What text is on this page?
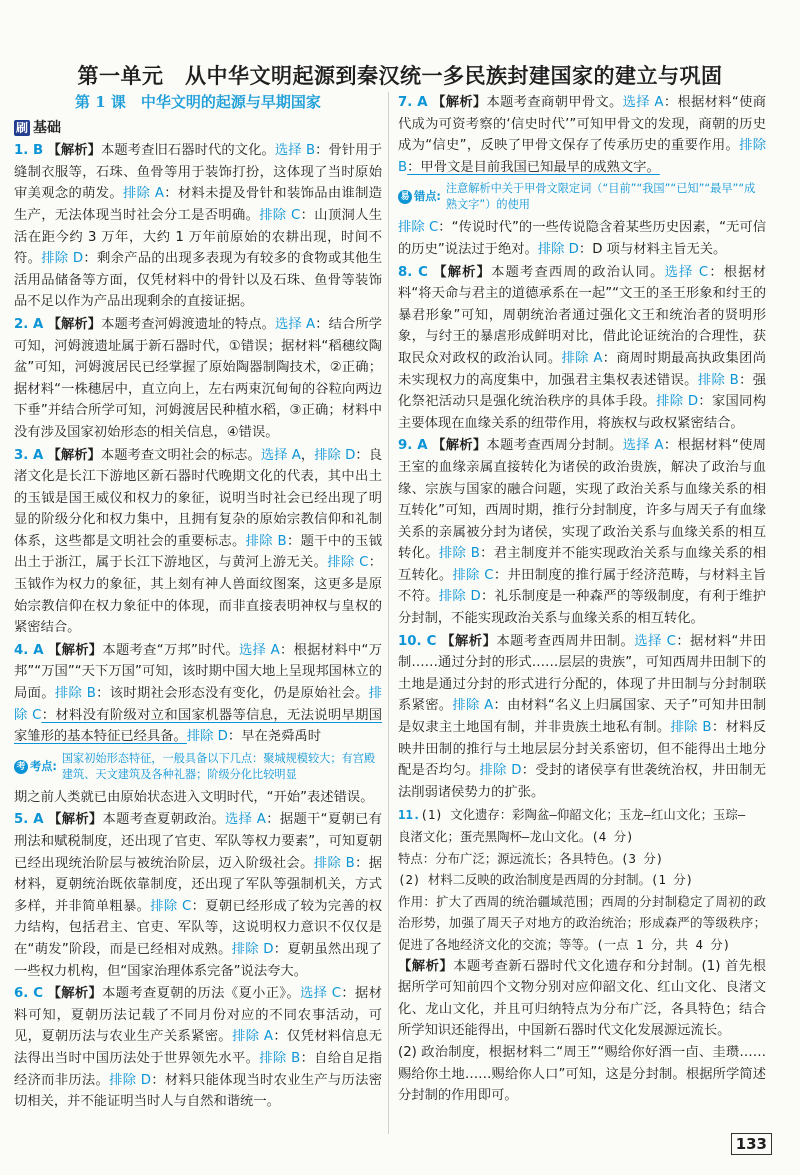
第一单元　从中华文明起源到秦汉统一多民族封建国家的建立与巩固
第 1 课　中华文明的起源与早期国家
刷 基础
1. B 【解析】本题考查旧石器时代的文化。选择 B：骨针用于缝制衣服等，石珠、鱼骨等用于装饰打扮，这体现了当时原始审美观念的萌发。排除 A：材料未提及骨针和装饰品由谁制造生产，无法体现当时社会分工是否明确。排除 C：山顶洞人生活在距今约 3 万年，大约 1 万年前原始的农耕出现，时间不符。排除 D：剩余产品的出现多表现为有较多的食物或其他生活用品储备等方面，仅凭材料中的骨针以及石珠、鱼骨等装饰品不足以作为产品出现剩余的直接证据。
2. A 【解析】本题考查河姆渡遗址的特点。选择 A：结合所学可知，河姆渡遗址属于新石器时代，①错误；据材料“稻穗纹陶盆”可知，河姆渡居民已经掌握了原始陶器制陶技术，②正确；据材料“一株穗居中，直立向上，左右两束沉甸甸的谷粒向两边下垂”并结合所学可知，河姆渡居民种植水稻，③正确；材料中没有涉及国家初始形态的相关信息，④错误。
3. A 【解析】本题考查文明社会的标志。选择 A，排除 D：良渚文化是长江下游地区新石器时代晚期文化的代表，其中出土的玉钺是国王威仪和权力的象征，说明当时社会已经出现了明显的阶级分化和权力集中，且拥有复杂的原始宗教信仰和礼制体系，这些都是文明社会的重要标志。排除 B：题干中的玉钺出土于浙江，属于长江下游地区，与黄河上游无关。排除 C：玉钺作为权力的象征，其上刻有神人兽面纹图案，这更多是原始宗教信仰在权力象征中的体现，而非直接表明神权与皇权的紧密结合。
4. A 【解析】本题考查“万邦”时代。选择 A：根据材料中“万邦”“万国”“天下万国”可知，该时期中国大地上呈现邦国林立的局面。排除 B：该时期社会形态没有变化，仍是原始社会。排除 C：材料没有阶级对立和国家机器等信息，无法说明早期国家雏形的基本特征已经具备。排除 D：早在尧舜禹时
考 考点:
国家初始形态特征，一般具备以下几点：聚城规模较大；有宫殿建筑、天文建筑及各种礼器；阶级分化比较明显
期之前人类就已由原始状态进入文明时代，“开始”表述错误。
5. A 【解析】本题考查夏朝政治。选择 A：据题干“夏朝已有刑法和赋税制度，还出现了官吏、军队等权力要素”，可知夏朝已经出现统治阶层与被统治阶层，迈入阶级社会。排除 B：据材料，夏朝统治既依靠制度，还出现了军队等强制机关，方式多样，并非简单粗暴。排除 C：夏朝已经形成了较为完善的权力结构，包括君主、官吏、军队等，这说明权力意识不仅仅是在“萌发”阶段，而是已经相对成熟。排除 D：夏朝虽然出现了一些权力机构，但“国家治理体系完备”说法夸大。
6. C 【解析】本题考查夏朝的历法《夏小正》。选择 C：据材料可知，夏朝历法记载了不同月份对应的不同农事活动，可见，夏朝历法与农业生产关系紧密。排除 A：仅凭材料信息无法得出当时中国历法处于世界领先水平。排除 B：自给自足指经济而非历法。排除 D：材料只能体现当时农业生产与历法密切相关，并不能证明当时人与自然和谐统一。
7. A 【解析】本题考查商朝甲骨文。选择 A：根据材料“使商代成为可资考察的‘信史时代’”可知甲骨文的发现，商朝的历史成为“信史”，反映了甲骨文保存了传承历史的重要作用。排除 B：甲骨文是目前我国已知最早的成熟文字。
易 错点:
注意解析中关于甲骨文限定词（“目前”“我国”“已知”“最早”“成熟文字”）的使用
排除 C：“传说时代”的一些传说隐含着某些历史因素，“无可信的历史”说法过于绝对。排除 D：D 项与材料主旨无关。
8. C 【解析】本题考查西周的政治认同。选择 C：根据材料“将天命与君主的道德承系在一起”“文王的圣王形象和纣王的暴君形象”可知，周朝统治者通过强化文王和统治者的贤明形象，与纣王的暴虐形成鲜明对比，借此论证统治的合理性，获取民众对政权的政治认同。排除 A：商周时期最高执政集团尚未实现权力的高度集中，加强君主集权表述错误。排除 B：强化祭祀活动只是强化统治秩序的具体手段。排除 D：家国同构主要体现在血缘关系的纽带作用，将族权与政权紧密结合。
9. A 【解析】本题考查西周分封制。选择 A：根据材料“使周王室的血缘亲属直接转化为诸侯的政治贵族，解决了政治与血缘、宗族与国家的融合问题，实现了政治关系与血缘关系的相互转化”可知，西周时期，推行分封制度，许多与周天子有血缘关系的亲属被分封为诸侯，实现了政治关系与血缘关系的相互转化。排除 B：君主制度并不能实现政治关系与血缘关系的相互转化。排除 C：井田制度的推行属于经济范畴，与材料主旨不符。排除 D：礼乐制度是一种森严的等级制度，有利于维护分封制，不能实现政治关系与血缘关系的相互转化。
10. C 【解析】本题考查西周井田制。选择 C：据材料“井田制……通过分封的形式……层层的贵族”，可知西周井田制下的土地是通过分封的形式进行分配的，体现了井田制与分封制联系紧密。排除 A：由材料“名义上归属国家、天子”可知井田制是奴隶主土地国有制，并非贵族土地私有制。排除 B：材料反映井田制的推行与土地层层分封关系密切，但不能得出土地分配是否均匀。排除 D：受封的诸侯享有世袭统治权，井田制无法削弱诸侯势力的扩张。
11.(1) 文化遗存：彩陶盆—仰韶文化；玉龙—红山文化；玉琮—
良渚文化；蛋壳黑陶杯—龙山文化。(4 分)
特点：分布广泛；源远流长；各具特色。(3 分)
(2) 材料二反映的政治制度是西周的分封制。(1 分)
作用：扩大了西周的统治疆域范围；西周的分封制稳定了周初的政治形势，加强了周天子对地方的政治统治；形成森严的等级秩序；促进了各地经济文化的交流；等等。(一点 1 分，共 4 分)
【解析】本题考查新石器时代文化遗存和分封制。(1) 首先根据所学可知前四个文物分别对应仰韶文化、红山文化、良渚文化、龙山文化，并且可归纳特点为分布广泛，各具特色；结合所学知识还能得出，中国新石器时代文化发展源远流长。
(2) 政治制度，根据材料二“周王”“赐给你好酒一卣、圭瓒……赐给你土地……赐给你人口”可知，这是分封制。根据所学简述分封制的作用即可。
133
